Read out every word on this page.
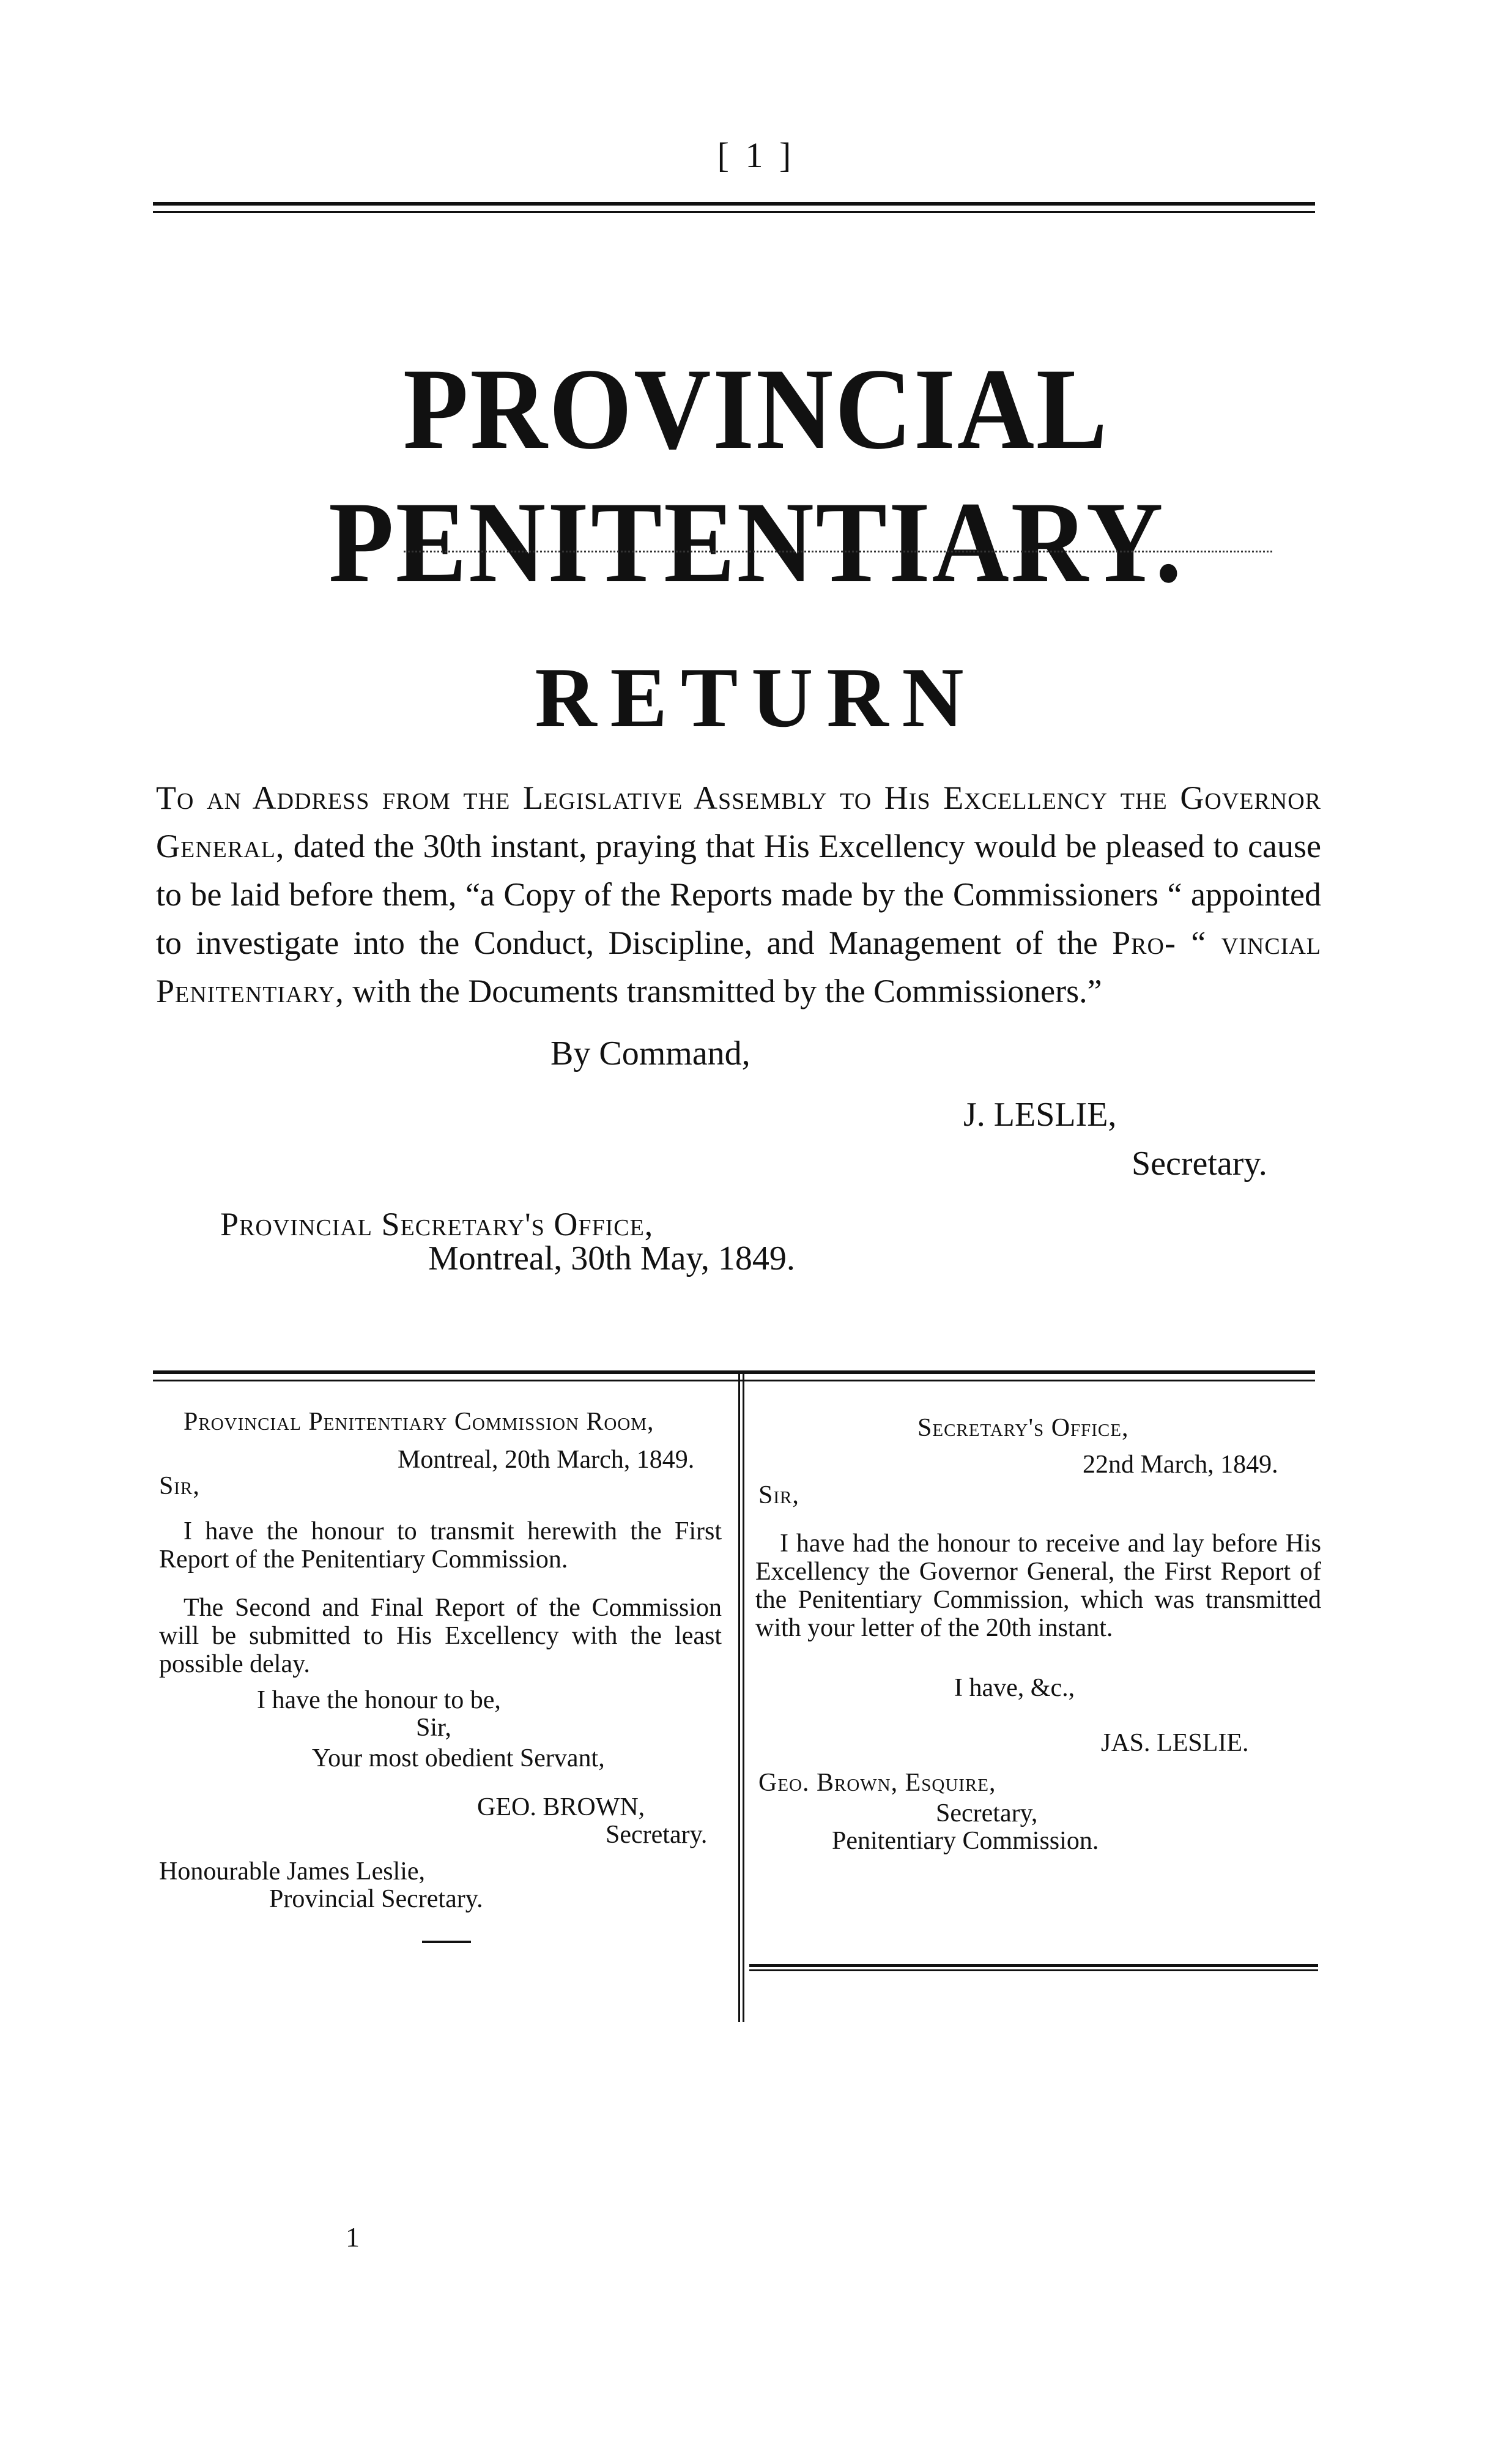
[ 1 ]
PROVINCIAL PENITENTIARY.
RETURN
To an Address from the Legislative Assembly to His Excellency the Governor General, dated the 30th instant, praying that His Excellency would be pleased to cause to be laid before them, “a Copy of the Reports made by the Commissioners “ appointed to investigate into the Conduct, Discipline, and Management of the Pro- “ vincial Penitentiary, with the Documents transmitted by the Commissioners.”
By Command,
J. LESLIE,
Secretary.
Provincial Secretary's Office,
Montreal, 30th May, 1849.
Provincial Penitentiary Commission Room,
Montreal, 20th March, 1849.
Sir,
I have the honour to transmit herewith the First Report of the Penitentiary Commission.
The Second and Final Report of the Commission will be submitted to His Excellency with the least possible delay.
I have the honour to be,
Sir,
Your most obedient Servant,
GEO. BROWN,
Secretary.
Honourable James Leslie,
Provincial Secretary.
Secretary's Office,
22nd March, 1849.
Sir,
I have had the honour to receive and lay before His Excellency the Governor General, the First Report of the Penitentiary Commission, which was transmitted with your letter of the 20th instant.
I have, &c.,
JAS. LESLIE.
Geo. Brown, Esquire,
Secretary,
Penitentiary Commission.
1
